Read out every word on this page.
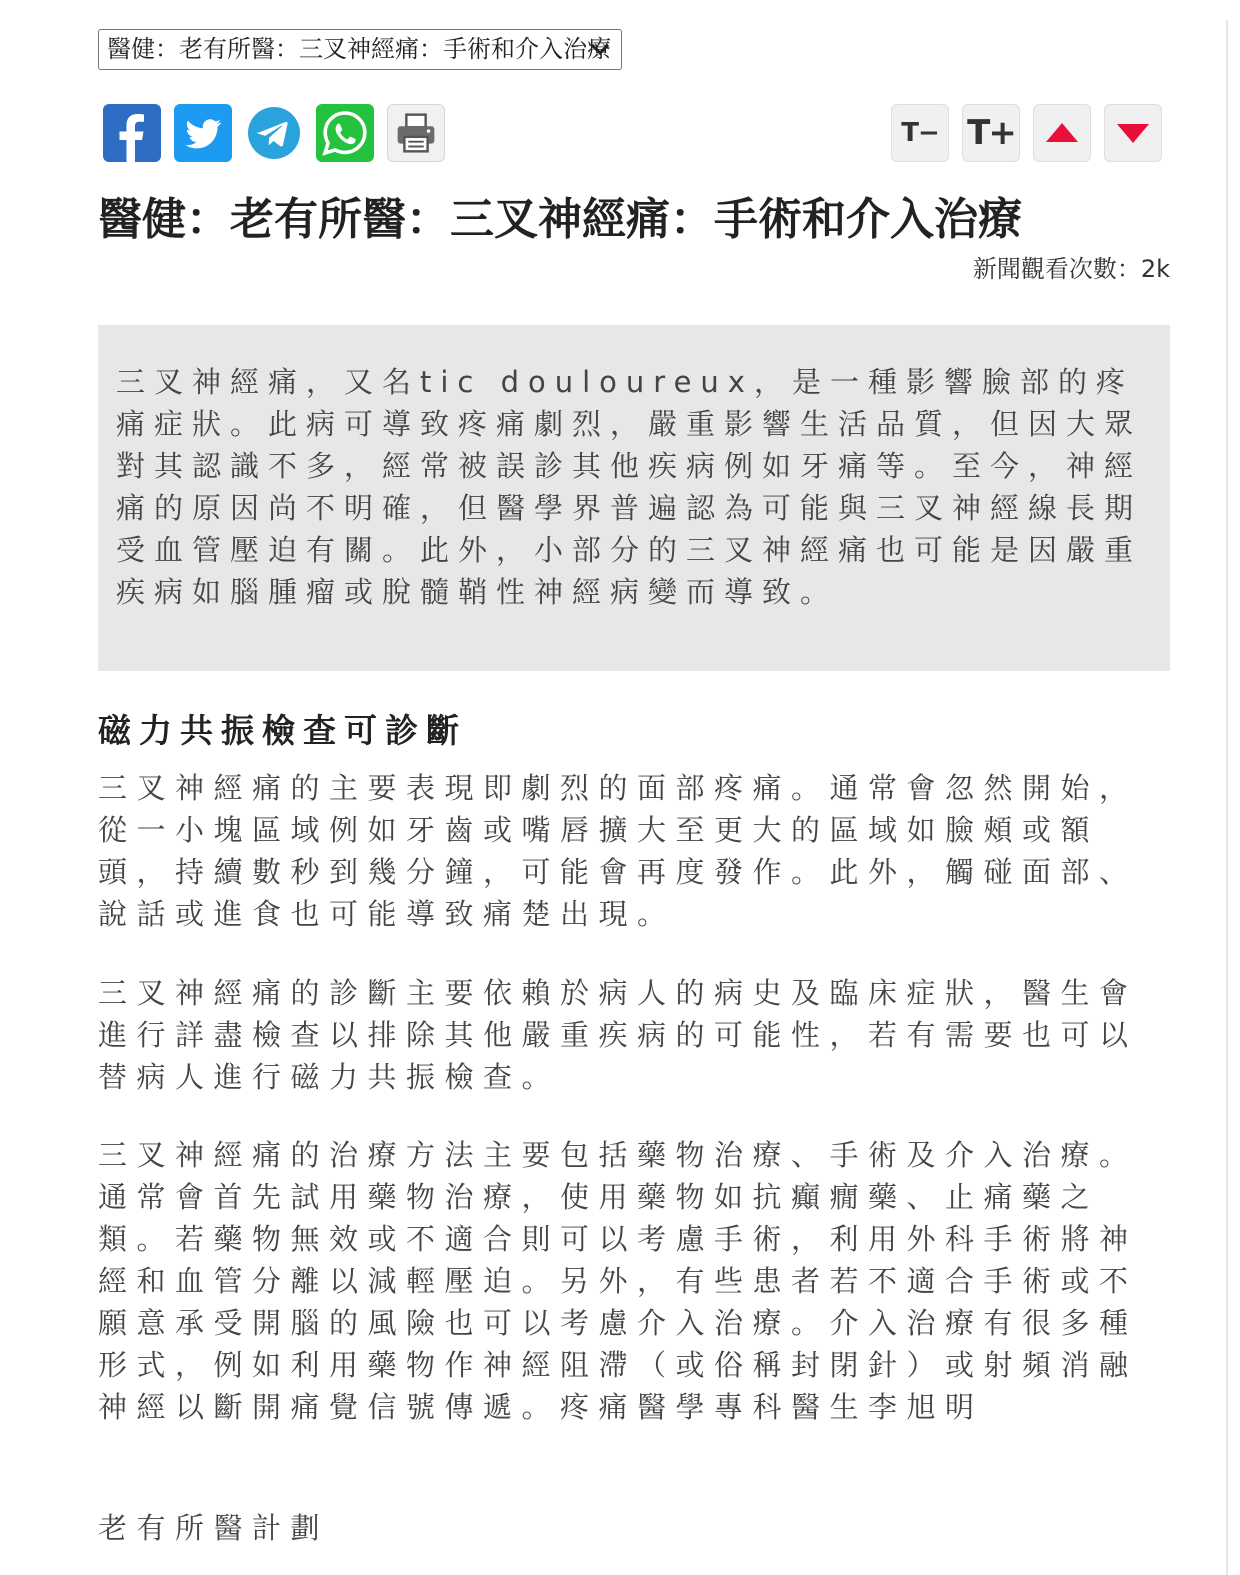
醫健：老有所醫：三叉神經痛：手術和介入治療
T− T+
醫健：老有所醫：三叉神經痛：手術和介入治療
新聞觀看次數：2k

三叉神經痛，又名tic douloureux，是一種影響臉部的疼痛症狀。此病可導致疼痛劇烈，嚴重影響生活品質，但因大眾對其認識不多，經常被誤診其他疾病例如牙痛等。至今，神經痛的原因尚不明確，但醫學界普遍認為可能與三叉神經線長期受血管壓迫有關。此外，小部分的三叉神經痛也可能是因嚴重疾病如腦腫瘤或脫髓鞘性神經病變而導致。

磁力共振檢查可診斷

三叉神經痛的主要表現即劇烈的面部疼痛。通常會忽然開始，從一小塊區域例如牙齒或嘴唇擴大至更大的區域如臉頰或額頭，持續數秒到幾分鐘，可能會再度發作。此外，觸碰面部、說話或進食也可能導致痛楚出現。

三叉神經痛的診斷主要依賴於病人的病史及臨床症狀，醫生會進行詳盡檢查以排除其他嚴重疾病的可能性，若有需要也可以替病人進行磁力共振檢查。

三叉神經痛的治療方法主要包括藥物治療、手術及介入治療。通常會首先試用藥物治療，使用藥物如抗癲癇藥、止痛藥之類。若藥物無效或不適合則可以考慮手術，利用外科手術將神經和血管分離以減輕壓迫。另外，有些患者若不適合手術或不願意承受開腦的風險也可以考慮介入治療。介入治療有很多種形式，例如利用藥物作神經阻滯（或俗稱封閉針）或射頻消融神經以斷開痛覺信號傳遞。疼痛醫學專科醫生李旭明

老有所醫計劃
